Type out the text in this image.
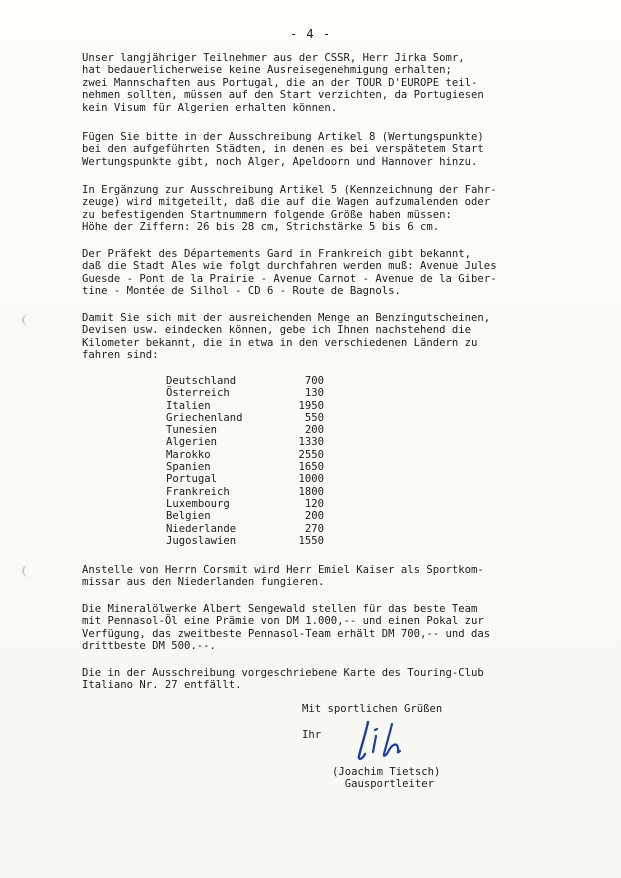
- 4 -

Unser langjähriger Teilnehmer aus der CSSR, Herr Jirka Somr,
hat bedauerlicherweise keine Ausreisegenehmigung erhalten;
zwei Mannschaften aus Portugal, die an der TOUR D'EUROPE teil-
nehmen sollten, müssen auf den Start verzichten, da Portugiesen
kein Visum für Algerien erhalten können.

Fügen Sie bitte in der Ausschreibung Artikel 8 (Wertungspunkte)
bei den aufgeführten Städten, in denen es bei verspätetem Start
Wertungspunkte gibt, noch Alger, Apeldoorn und Hannover hinzu.

In Ergänzung zur Ausschreibung Artikel 5 (Kennzeichnung der Fahr-
zeuge) wird mitgeteilt, daß die auf die Wagen aufzumalenden oder
zu befestigenden Startnummern folgende Größe haben müssen:
Höhe der Ziffern: 26 bis 28 cm, Strichstärke 5 bis 6 cm.

Der Präfekt des Départements Gard in Frankreich gibt bekannt,
daß die Stadt Ales wie folgt durchfahren werden muß: Avenue Jules
Guesde - Pont de la Prairie - Avenue Carnot - Avenue de la Giber-
tine - Montée de Silhol - CD 6 - Route de Bagnols.

Damit Sie sich mit der ausreichenden Menge an Benzingutscheinen,
Devisen usw. eindecken können, gebe ich Ihnen nachstehend die
Kilometer bekannt, die in etwa in den verschiedenen Ländern zu
fahren sind:

Deutschland	700
Österreich	130
Italien	1950
Griechenland	550
Tunesien	200
Algerien	1330
Marokko	2550
Spanien	1650
Portugal	1000
Frankreich	1800
Luxembourg	120
Belgien	200
Niederlande	270
Jugoslawien	1550

Anstelle von Herrn Corsmit wird Herr Emiel Kaiser als Sportkom-
missar aus den Niederlanden fungieren.

Die Mineralölwerke Albert Sengewald stellen für das beste Team
mit Pennasol-Öl eine Prämie von DM 1.000,-- und einen Pokal zur
Verfügung, das zweitbeste Pennasol-Team erhält DM 700,-- und das
drittbeste DM 500.--.

Die in der Ausschreibung vorgeschriebene Karte des Touring-Club
Italiano Nr. 27 entfällt.

Mit sportlichen Grüßen
Ihr
(Joachim Tietsch)
Gausportleiter
